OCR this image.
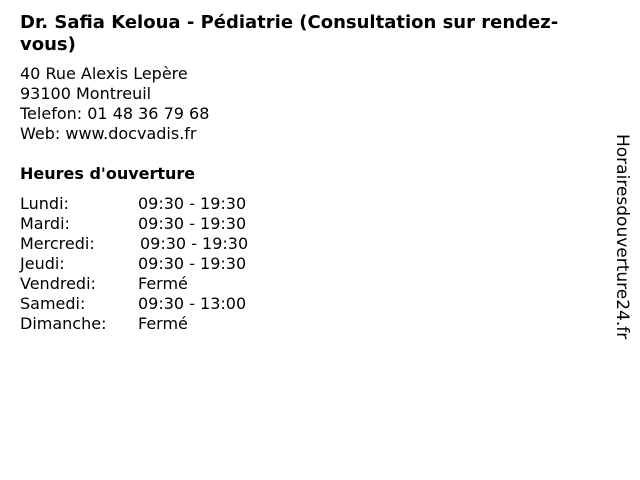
Dr. Safia Keloua - Pédiatrie (Consultation sur rendez-vous)
40 Rue Alexis Lepère
93100 Montreuil
Telefon: 01 48 36 79 68
Web: www.docvadis.fr
Heures d'ouverture
Lundi:	09:30 - 19:30
Mardi:	09:30 - 19:30
Mercredi:	09:30 - 19:30
Jeudi:	09:30 - 19:30
Vendredi:	Fermé
Samedi:	09:30 - 13:00
Dimanche:	Fermé	Horairesdouverture24.fr
